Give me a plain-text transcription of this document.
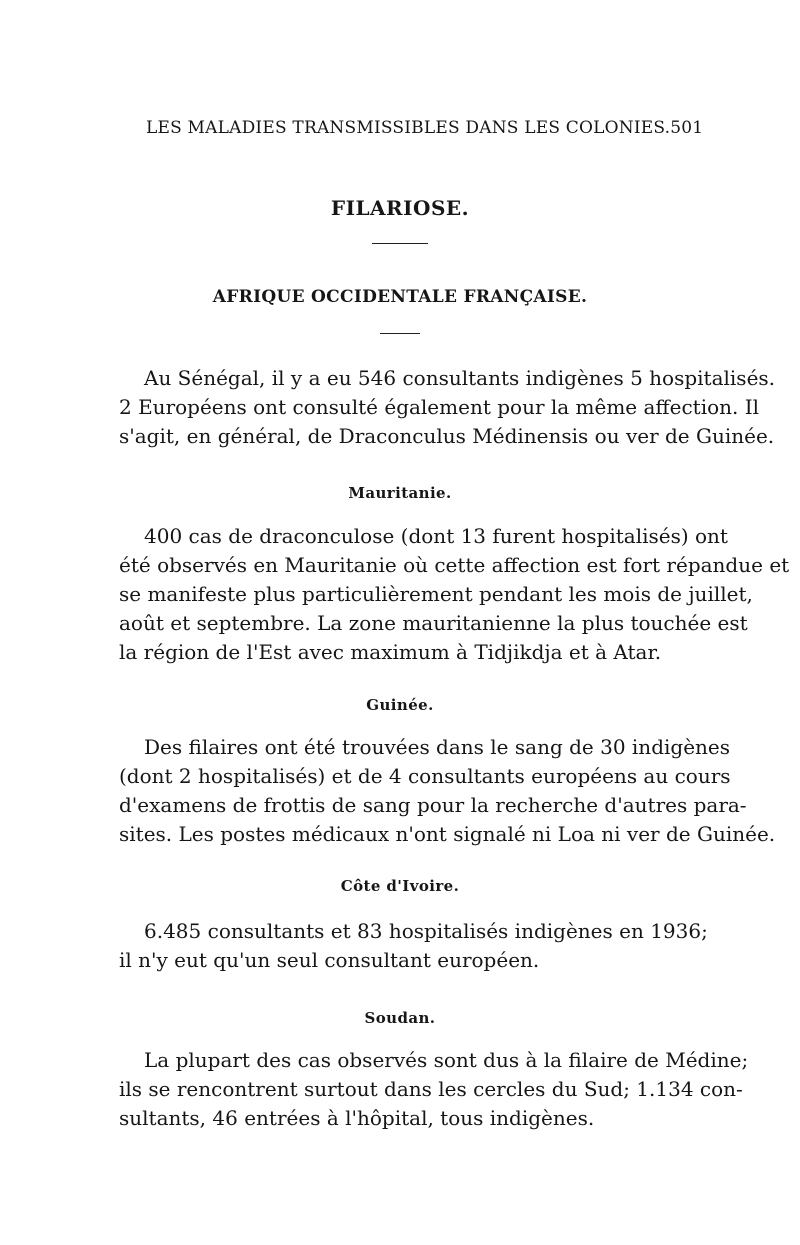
LES MALADIES TRANSMISSIBLES DANS LES COLONIES. 501
FILARIOSE.
AFRIQUE OCCIDENTALE FRANÇAISE.
Au Sénégal, il y a eu 546 consultants indigènes 5 hospitalisés.
2 Européens ont consulté également pour la même affection. Il
s'agit, en général, de Draconculus Médinensis ou ver de Guinée.
Mauritanie.
400 cas de draconculose (dont 13 furent hospitalisés) ont
été observés en Mauritanie où cette affection est fort répandue et
se manifeste plus particulièrement pendant les mois de juillet,
août et septembre. La zone mauritanienne la plus touchée est
la région de l'Est avec maximum à Tidjikdja et à Atar.
Guinée.
Des filaires ont été trouvées dans le sang de 30 indigènes
(dont 2 hospitalisés) et de 4 consultants européens au cours
d'examens de frottis de sang pour la recherche d'autres para-
sites. Les postes médicaux n'ont signalé ni Loa ni ver de Guinée.
Côte d'Ivoire.
6.485 consultants et 83 hospitalisés indigènes en 1936;
il n'y eut qu'un seul consultant européen.
Soudan.
La plupart des cas observés sont dus à la filaire de Médine;
ils se rencontrent surtout dans les cercles du Sud; 1.134 con-
sultants, 46 entrées à l'hôpital, tous indigènes.
